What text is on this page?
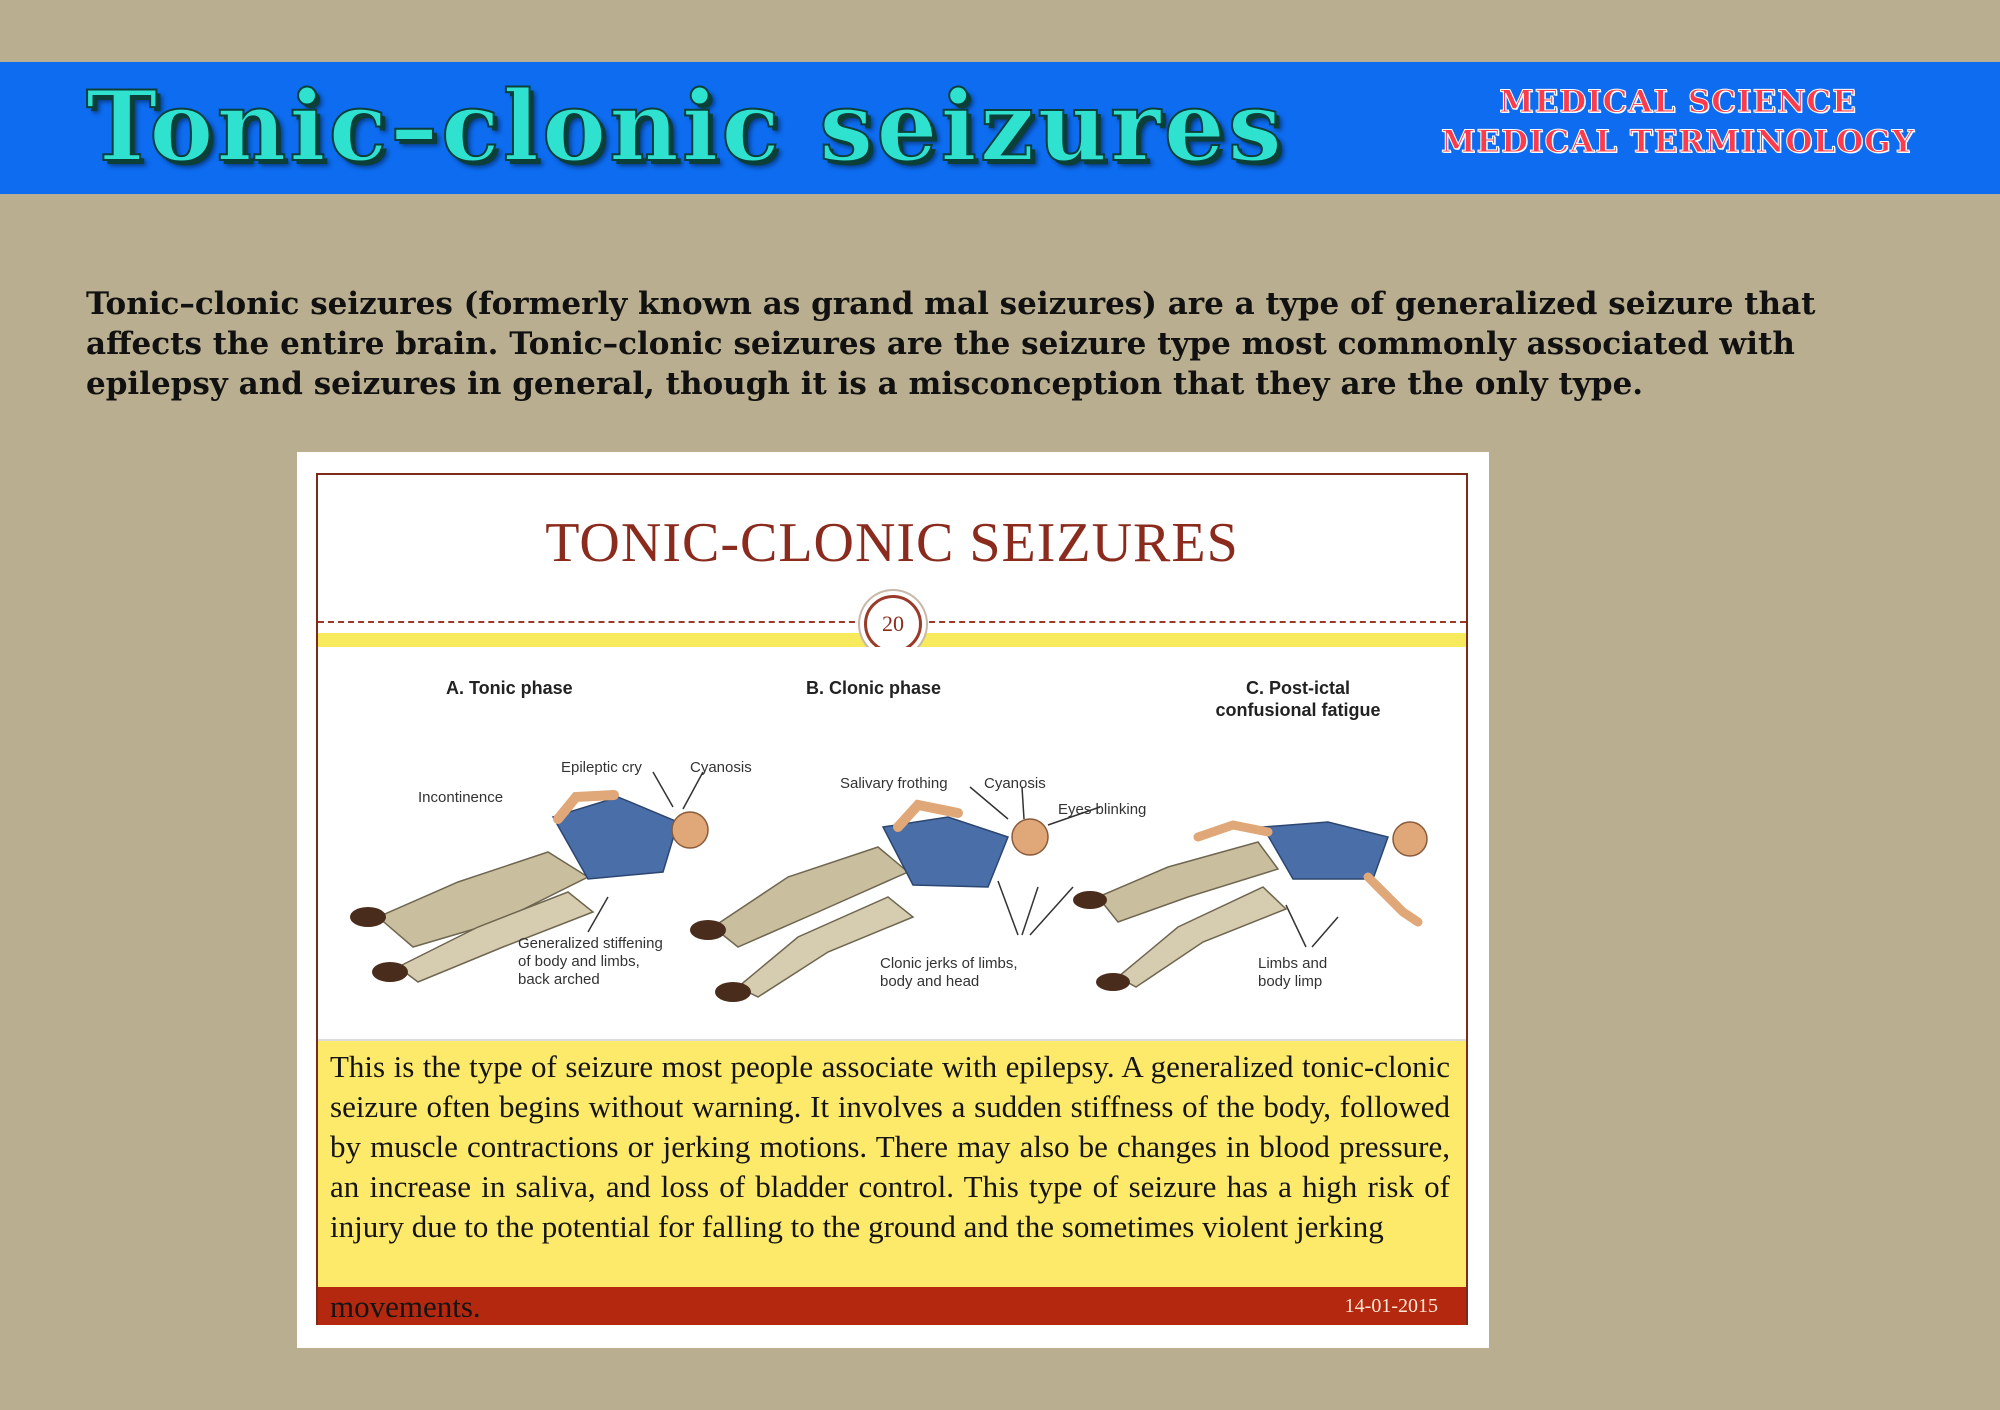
Tonic–clonic seizures	MEDICAL SCIENCE
MEDICAL TERMINOLOGY
Tonic–clonic seizures (formerly known as grand mal seizures) are a type of generalized seizure that affects the entire brain. Tonic–clonic seizures are the seizure type most commonly associated with epilepsy and seizures in general, though it is a misconception that they are the only type.
TONIC-CLONIC SEIZURES
20
A. Tonic phase	B. Clonic phase	C. Post-ictal
confusional fatigue
Incontinence
Epileptic cry	Cyanosis
Generalized stiffening
of body and limbs,
back arched
Salivary frothing Cyanosis
Eyes blinking
Clonic jerks of limbs,
body and head
Limbs and
body limp
This is the type of seizure most people associate with epilepsy. A generalized tonic-clonic seizure often begins without warning. It involves a sudden stiffness of the body, followed by muscle contractions or jerking motions. There may also be changes in blood pressure, an increase in saliva, and loss of bladder control. This type of seizure has a high risk of injury due to the potential for falling to the ground and the sometimes violent jerking
14-01-2015
movements.
